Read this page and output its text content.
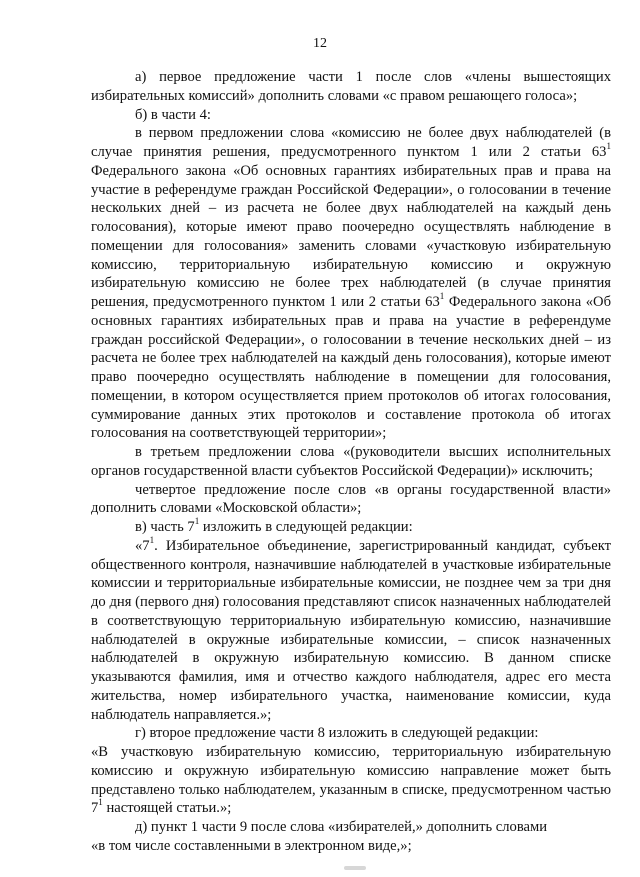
12

а) первое предложение части 1 после слов «члены вышестоящих избирательных комиссий» дополнить словами «с правом решающего голоса»;

б) в части 4:

в первом предложении слова «комиссию не более двух наблюдателей (в случае принятия решения, предусмотренного пунктом 1 или 2 статьи $63^1$ Федерального закона «Об основных гарантиях избирательных прав и права на участие в референдуме граждан Российской Федерации», о голосовании в течение нескольких дней – из расчета не более двух наблюдателей на каждый день голосования), которые имеют право поочередно осуществлять наблюдение в помещении для голосования» заменить словами «участковую избирательную комиссию, территориальную избирательную комиссию и окружную избирательную комиссию не более трех наблюдателей (в случае принятия решения, предусмотренного пунктом 1 или 2 статьи $63^1$ Федерального закона «Об основных гарантиях избирательных прав и права на участие в референдуме граждан российской Федерации», о голосовании в течение нескольких дней – из расчета не более трех наблюдателей на каждый день голосования), которые имеют право поочередно осуществлять наблюдение в помещении для голосования, помещении, в котором осуществляется прием протоколов об итогах голосования, суммирование данных этих протоколов и составление протокола об итогах голосования на соответствующей территории»;

в третьем предложении слова «(руководители высших исполнительных органов государственной власти субъектов Российской Федерации)» исключить;

четвертое предложение после слов «в органы государственной власти» дополнить словами «Московской области»;

в) часть $7^1$ изложить в следующей редакции:

«$7^1$. Избирательное объединение, зарегистрированный кандидат, субъект общественного контроля, назначившие наблюдателей в участковые избирательные комиссии и территориальные избирательные комиссии, не позднее чем за три дня до дня (первого дня) голосования представляют список назначенных наблюдателей в соответствующую территориальную избирательную комиссию, назначившие наблюдателей в окружные избирательные комиссии, – список назначенных наблюдателей в окружную избирательную комиссию. В данном списке указываются фамилия, имя и отчество каждого наблюдателя, адрес его места жительства, номер избирательного участка, наименование комиссии, куда наблюдатель направляется.»;

г) второе предложение части 8 изложить в следующей редакции:

«В участковую избирательную комиссию, территориальную избирательную комиссию и окружную избирательную комиссию направление может быть представлено только наблюдателем, указанным в списке, предусмотренном частью $7^1$ настоящей статьи.»;

д) пункт 1 части 9 после слова «избирателей,» дополнить словами

«в том числе составленными в электронном виде,»;
